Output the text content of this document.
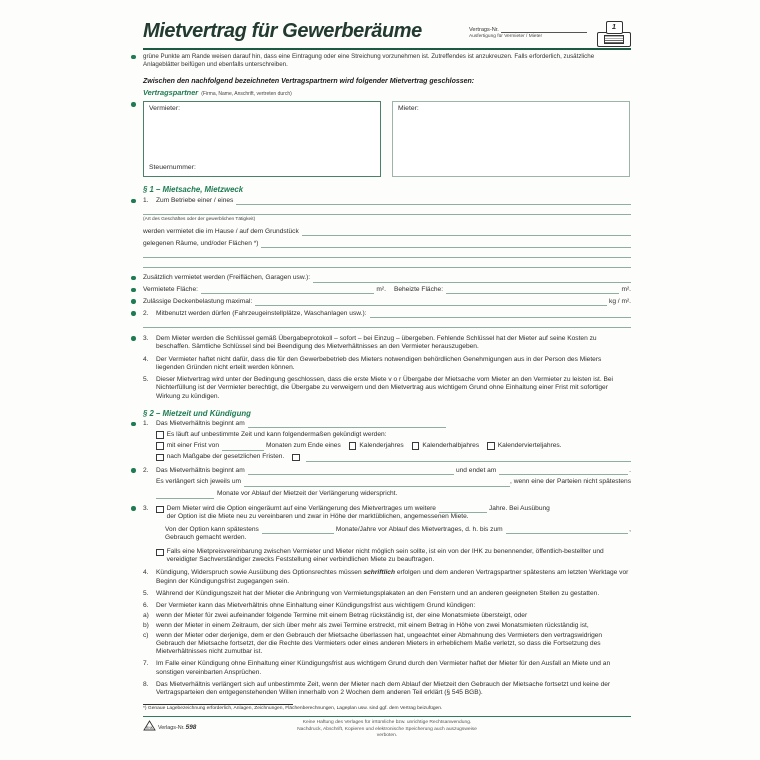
Mietvertrag für Gewerberäume	Vertrags-Nr.
Ausfertigung für Vermieter / Mieter
1

grüne Punkte am Rande weisen darauf hin, dass eine Eintragung oder eine Streichung vorzunehmen ist. Zutreffendes ist anzukreuzen. Falls erforderlich, zusätzliche Anlageblätter beifügen und ebenfalls unterschreiben.

Zwischen den nachfolgend bezeichneten Vertragspartnern wird folgender Mietvertrag geschlossen:

Vertragspartner (Firma, Name, Anschrift, vertreten durch)
Vermieter:
Steuernummer:
Mieter:
§ 1 – Mietsache, Mietzweck
1.	Zum Betriebe einer / eines
(Art des Geschäftes oder der gewerblichen Tätigkeit)
werden vermietet die im Hause / auf dem Grundstück
gelegenen Räume, und/oder Flächen *)
Zusätzlich vermietet werden (Freiflächen, Garagen usw.):
Vermietete Fläche:	m². Beheizte Fläche:	m².
Zulässige Deckenbelastung maximal:	kg / m².
2.	Mitbenutzt werden dürfen (Fahrzeugeinstellplätze, Waschanlagen usw.):
3.	Dem Mieter werden die Schlüssel gemäß Übergabeprotokoll – sofort – bei Einzug – übergeben. Fehlende Schlüssel hat der Mieter auf seine Kosten zu beschaffen. Sämtliche Schlüssel sind bei Beendigung des Mietverhältnisses an den Vermieter herauszugeben.
4.	Der Vermieter haftet nicht dafür, dass die für den Gewerbebetrieb des Mieters notwendigen behördlichen Genehmigungen aus in der Person des Mieters liegenden Gründen nicht erteilt werden können.
5.	Dieser Mietvertrag wird unter der Bedingung geschlossen, dass die erste Miete v o r Übergabe der Mietsache vom Mieter an den Vermieter zu leisten ist. Bei Nichterfüllung ist der Vermieter berechtigt, die Übergabe zu verweigern und den Mietvertrag aus wichtigem Grund ohne Einhaltung einer Frist mit sofortiger Wirkung zu kündigen.
§ 2 – Mietzeit und Kündigung
1.	Das Mietverhältnis beginnt am
Es läuft auf unbestimmte Zeit und kann folgendermaßen gekündigt werden:
mit einer Frist von	Monaten zum Ende eines	Kalenderjahres	Kalenderhalbjahres	Kalendervierteljahres.
nach Maßgabe der gesetzlichen Fristen.
2.	Das Mietverhältnis beginnt am	und endet am	.
Es verlängert sich jeweils um	, wenn eine der Parteien nicht spätestens
Monate vor Ablauf der Mietzeit der Verlängerung widerspricht.
3.	Dem Mieter wird die Option eingeräumt auf eine Verlängerung des Mietvertrages um weitere	Jahre. Bei Ausübung
der Option ist die Miete neu zu vereinbaren und zwar in Höhe der marktüblichen, angemessenen Miete.
Von der Option kann spätestens	Monate/Jahre vor Ablauf des Mietvertrages, d. h. bis zum	,
Gebrauch gemacht werden.
Falls eine Mietpreisvereinbarung zwischen Vermieter und Mieter nicht möglich sein sollte, ist ein von der IHK zu benennender, öffentlich-bestellter und vereidigter Sachverständiger zwecks Feststellung einer verbindlichen Miete zu beauftragen.
4.	Kündigung, Widerspruch sowie Ausübung des Optionsrechtes müssen schriftlich erfolgen und dem anderen Vertragspartner spätestens am letzten Werktage vor Beginn der Kündigungsfrist zugegangen sein.
5.	Während der Kündigungszeit hat der Mieter die Anbringung von Vermietungsplakaten an den Fenstern und an anderen geeigneten Stellen zu gestatten.
6.	Der Vermieter kann das Mietverhältnis ohne Einhaltung einer Kündigungsfrist aus wichtigem Grund kündigen:
a)	wenn der Mieter für zwei aufeinander folgende Termine mit einem Betrag rückständig ist, der eine Monatsmiete übersteigt, oder
b)	wenn der Mieter in einem Zeitraum, der sich über mehr als zwei Termine erstreckt, mit einem Betrag in Höhe von zwei Monatsmieten rückständig ist,
c)	wenn der Mieter oder derjenige, dem er den Gebrauch der Mietsache überlassen hat, ungeachtet einer Abmahnung des Vermieters den vertragswidrigen Gebrauch der Mietsache fortsetzt, der die Rechte des Vermieters oder eines anderen Mieters in erheblichem Maße verletzt, so dass die Fortsetzung des Mietverhältnisses nicht zumutbar ist.
7.	Im Falle einer Kündigung ohne Einhaltung einer Kündigungsfrist aus wichtigem Grund durch den Vermieter haftet der Mieter für den Ausfall an Miete und an sonstigen vereinbarten Ansprüchen.
8.	Das Mietverhältnis verlängert sich auf unbestimmte Zeit, wenn der Mieter nach dem Ablauf der Mietzeit den Gebrauch der Mietsache fortsetzt und keine der Vertragsparteien den entgegenstehenden Willen innerhalb von 2 Wochen dem anderen Teil erklärt (§ 545 BGB).
*) Genaue Lagebezeichnung erforderlich, Anlagen, Zeichnungen, Flächenberechnungen, Lageplan usw. sind ggf. dem Vertrag beizufügen.
RNK Verlags-Nr. 598
Keine Haftung des Verlages für irrtümliche bzw. unrichtige Rechtsanwendung.
Nachdruck, Abschrift, Kopieren und elektronische Speicherung auch auszugsweise verboten.
